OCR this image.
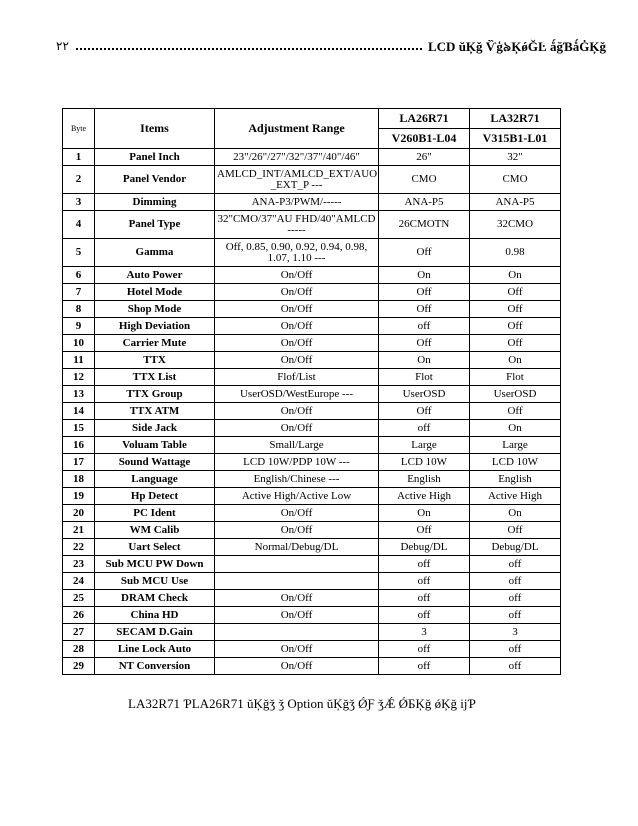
٢٢	LCD ŭĶǧ Ѷģ৯ĶǿĞĿ ǻğƁǻĠĶǧ
Byte	Items	Adjustment Range	LA26R71	LA32R71
			V260B1-L04	V315B1-L01
1	Panel Inch	23"/26"/27"/32"/37"/40"/46"	26"	32"
2	Panel Vendor	AMLCD_INT/AMLCD_EXT/AUO _EXT_P ---	CMO	CMO
3	Dimming	ANA-P3/PWM/-----	ANA-P5	ANA-P5
4	Panel Type	32"CMO/37"AU FHD/40"AMLCD -----	26CMOTN	32CMO
5	Gamma	Off, 0.85, 0.90, 0.92, 0.94, 0.98, 1.07, 1.10 ---	Off	0.98
6	Auto Power	On/Off	On	On
7	Hotel Mode	On/Off	Off	Off
8	Shop Mode	On/Off	Off	Off
9	High Deviation	On/Off	off	Off
10	Carrier Mute	On/Off	Off	Off
11	TTX	On/Off	On	On
12	TTX List	Flof/List	Flot	Flot
13	TTX Group	UserOSD/WestEurope ---	UserOSD	UserOSD
14	TTX ATM	On/Off	Off	Off
15	Side Jack	On/Off	off	On
16	Voluam Table	Small/Large	Large	Large
17	Sound Wattage	LCD 10W/PDP 10W ---	LCD 10W	LCD 10W
18	Language	English/Chinese ---	English	English
19	Hp Detect	Active High/Active Low	Active High	Active High
20	PC Ident	On/Off	On	On
21	WM Calib	On/Off	Off	Off
22	Uart Select	Normal/Debug/DL	Debug/DL	Debug/DL
23	Sub MCU PW Down		off	off
24	Sub MCU Use		off	off
25	DRAM Check	On/Off	off	off
26	China HD	On/Off	off	off
27	SECAM D.Gain		3	3
28	Line Lock Auto	On/Off	off	off
29	NT Conversion	On/Off	off	off
LA32R71 ƤLA26R71 ŭĶǧǯ ǯ Option ŭĶǧǯ ǾƑ ǯǼ ǾƂĶǧ ǿĶǧ ĳƤ
